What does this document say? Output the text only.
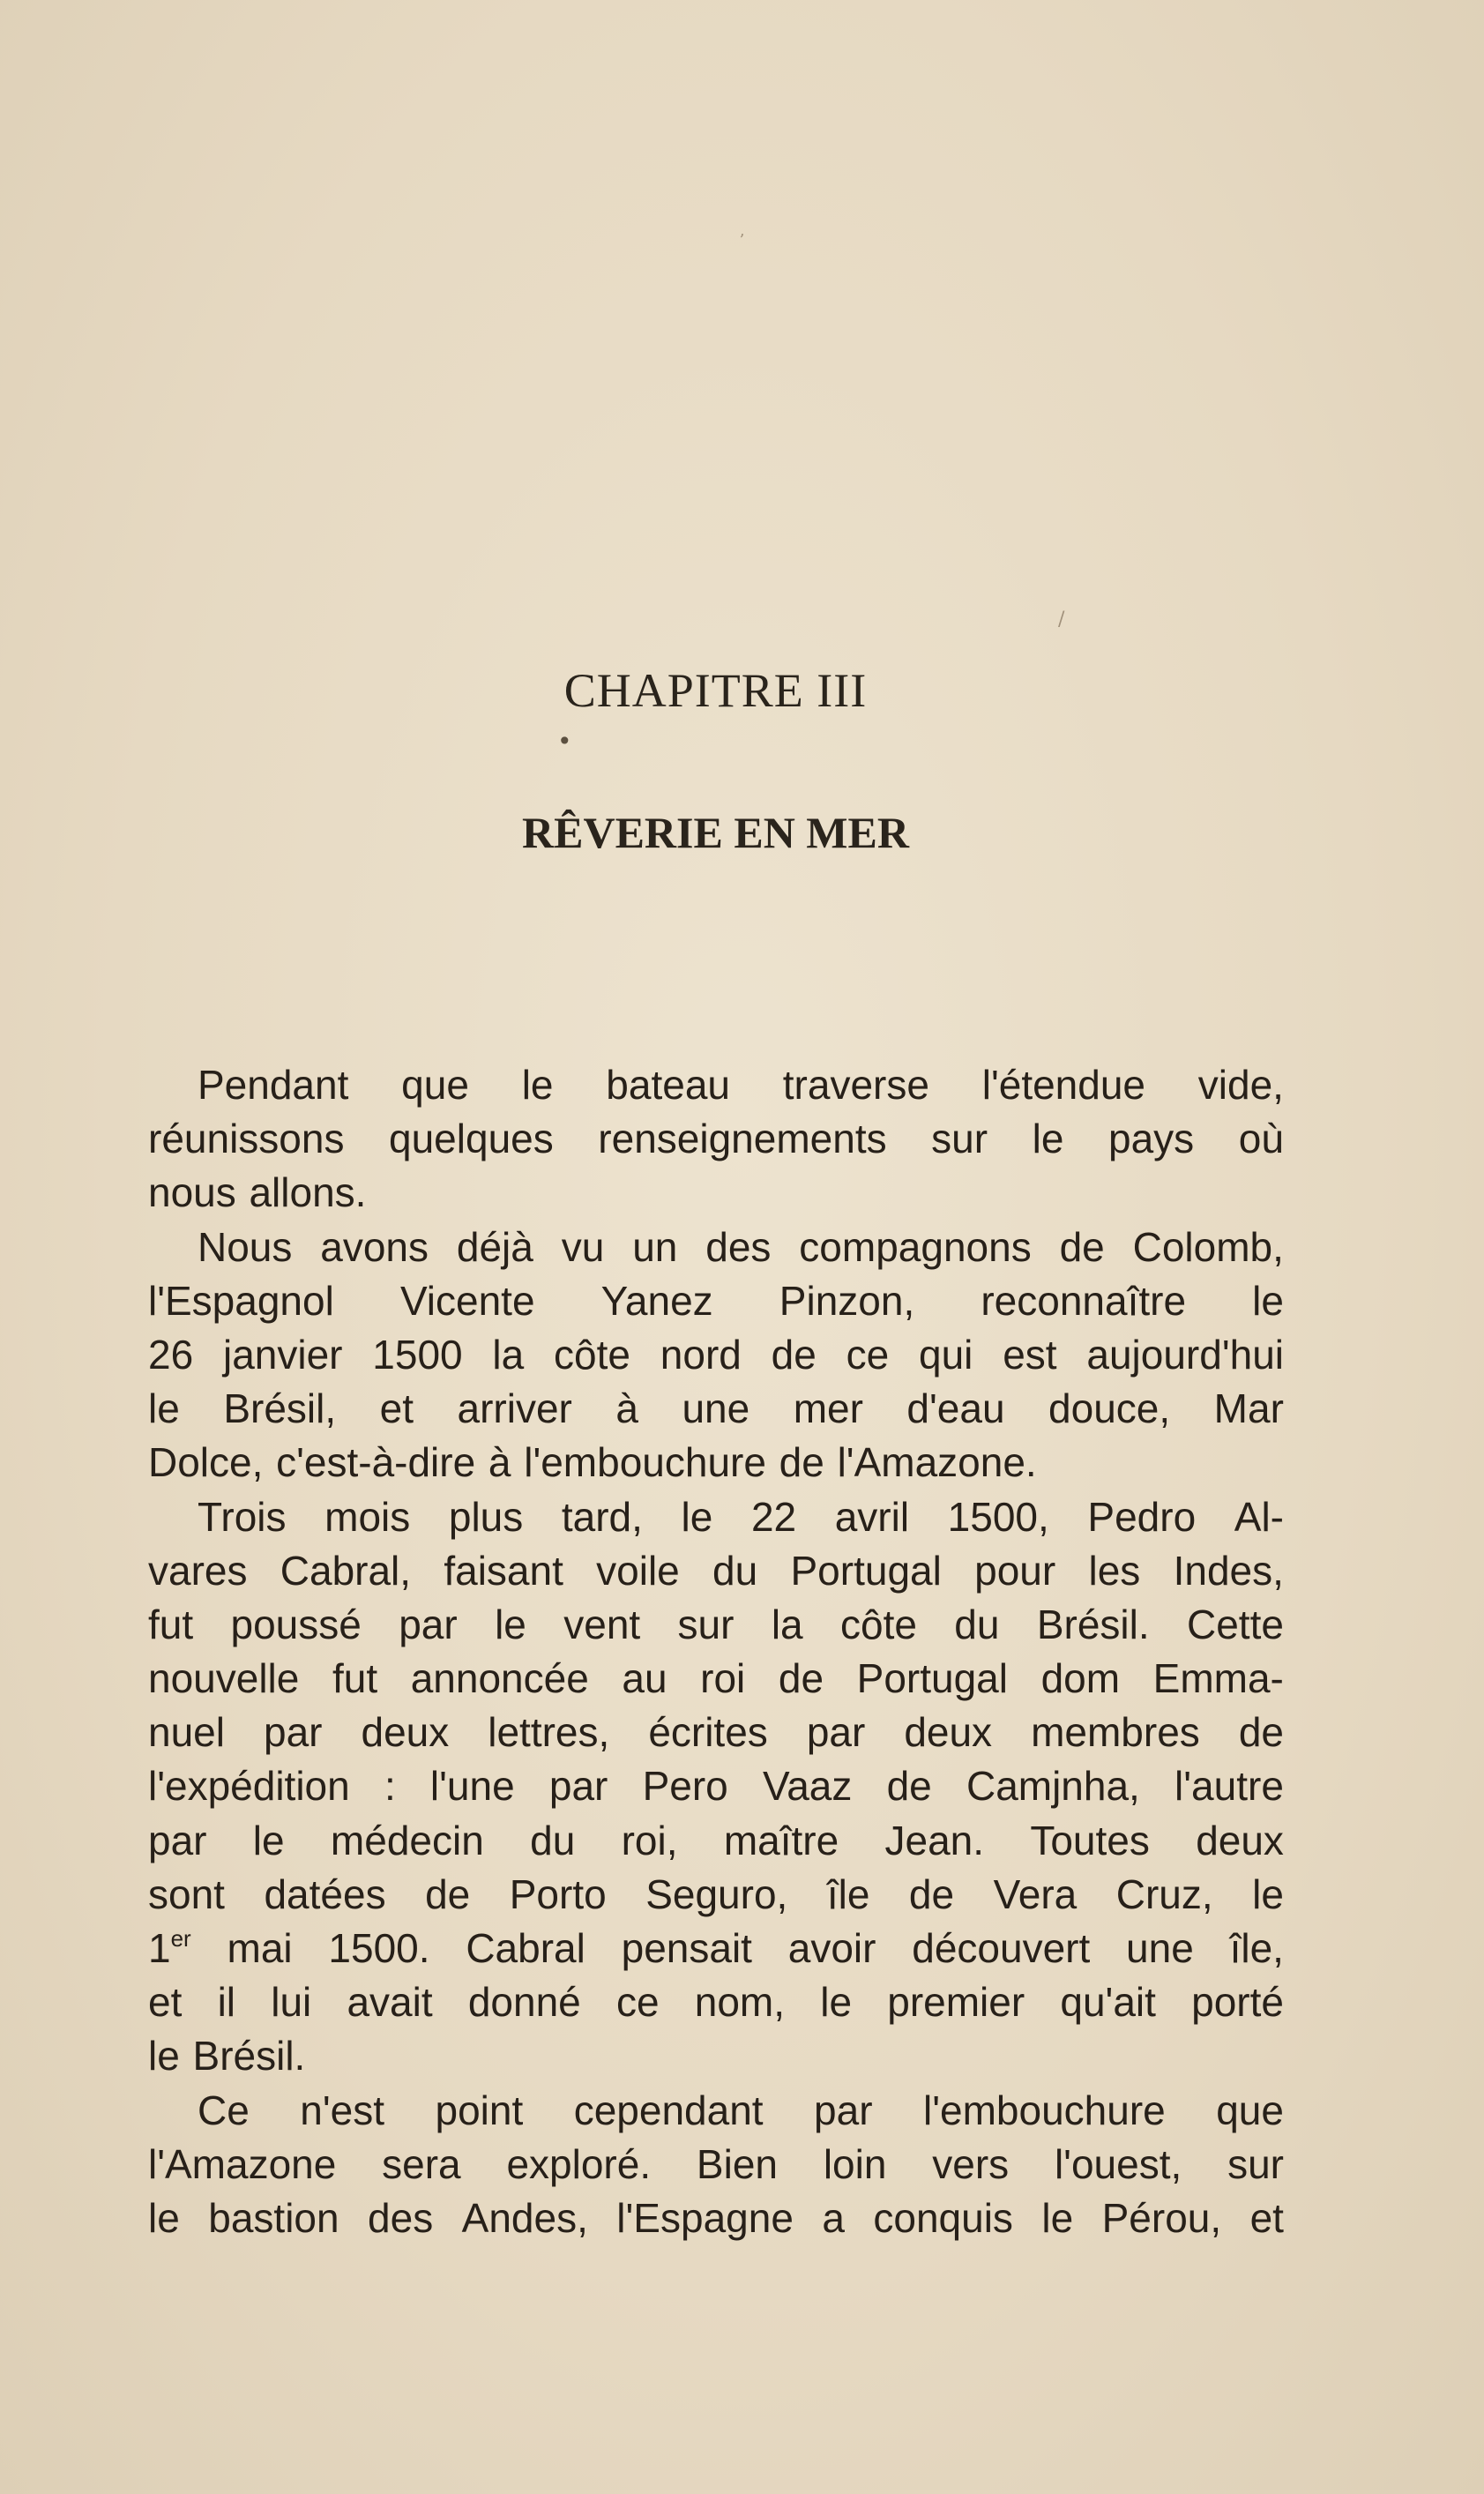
ʼ
/
•
CHAPITRE III
RÊVERIE EN MER
Pendant que le bateau traverse l'étendue vide,
réunissons quelques renseignements sur le pays où
nous allons.
Nous avons déjà vu un des compagnons de Colomb,
l'Espagnol Vicente Yanez Pinzon, reconnaître le
26 janvier 1500 la côte nord de ce qui est aujourd'hui
le Brésil, et arriver à une mer d'eau douce, Mar
Dolce, c'est-à-dire à l'embouchure de l'Amazone.
Trois mois plus tard, le 22 avril 1500, Pedro Al-
vares Cabral, faisant voile du Portugal pour les Indes,
fut poussé par le vent sur la côte du Brésil. Cette
nouvelle fut annoncée au roi de Portugal dom Emma-
nuel par deux lettres, écrites par deux membres de
l'expédition : l'une par Pero Vaaz de Camjnha, l'autre
par le médecin du roi, maître Jean. Toutes deux
sont datées de Porto Seguro, île de Vera Cruz, le
1er mai 1500. Cabral pensait avoir découvert une île,
et il lui avait donné ce nom, le premier qu'ait porté
le Brésil.
Ce n'est point cependant par l'embouchure que
l'Amazone sera exploré. Bien loin vers l'ouest, sur
le bastion des Andes, l'Espagne a conquis le Pérou, et
